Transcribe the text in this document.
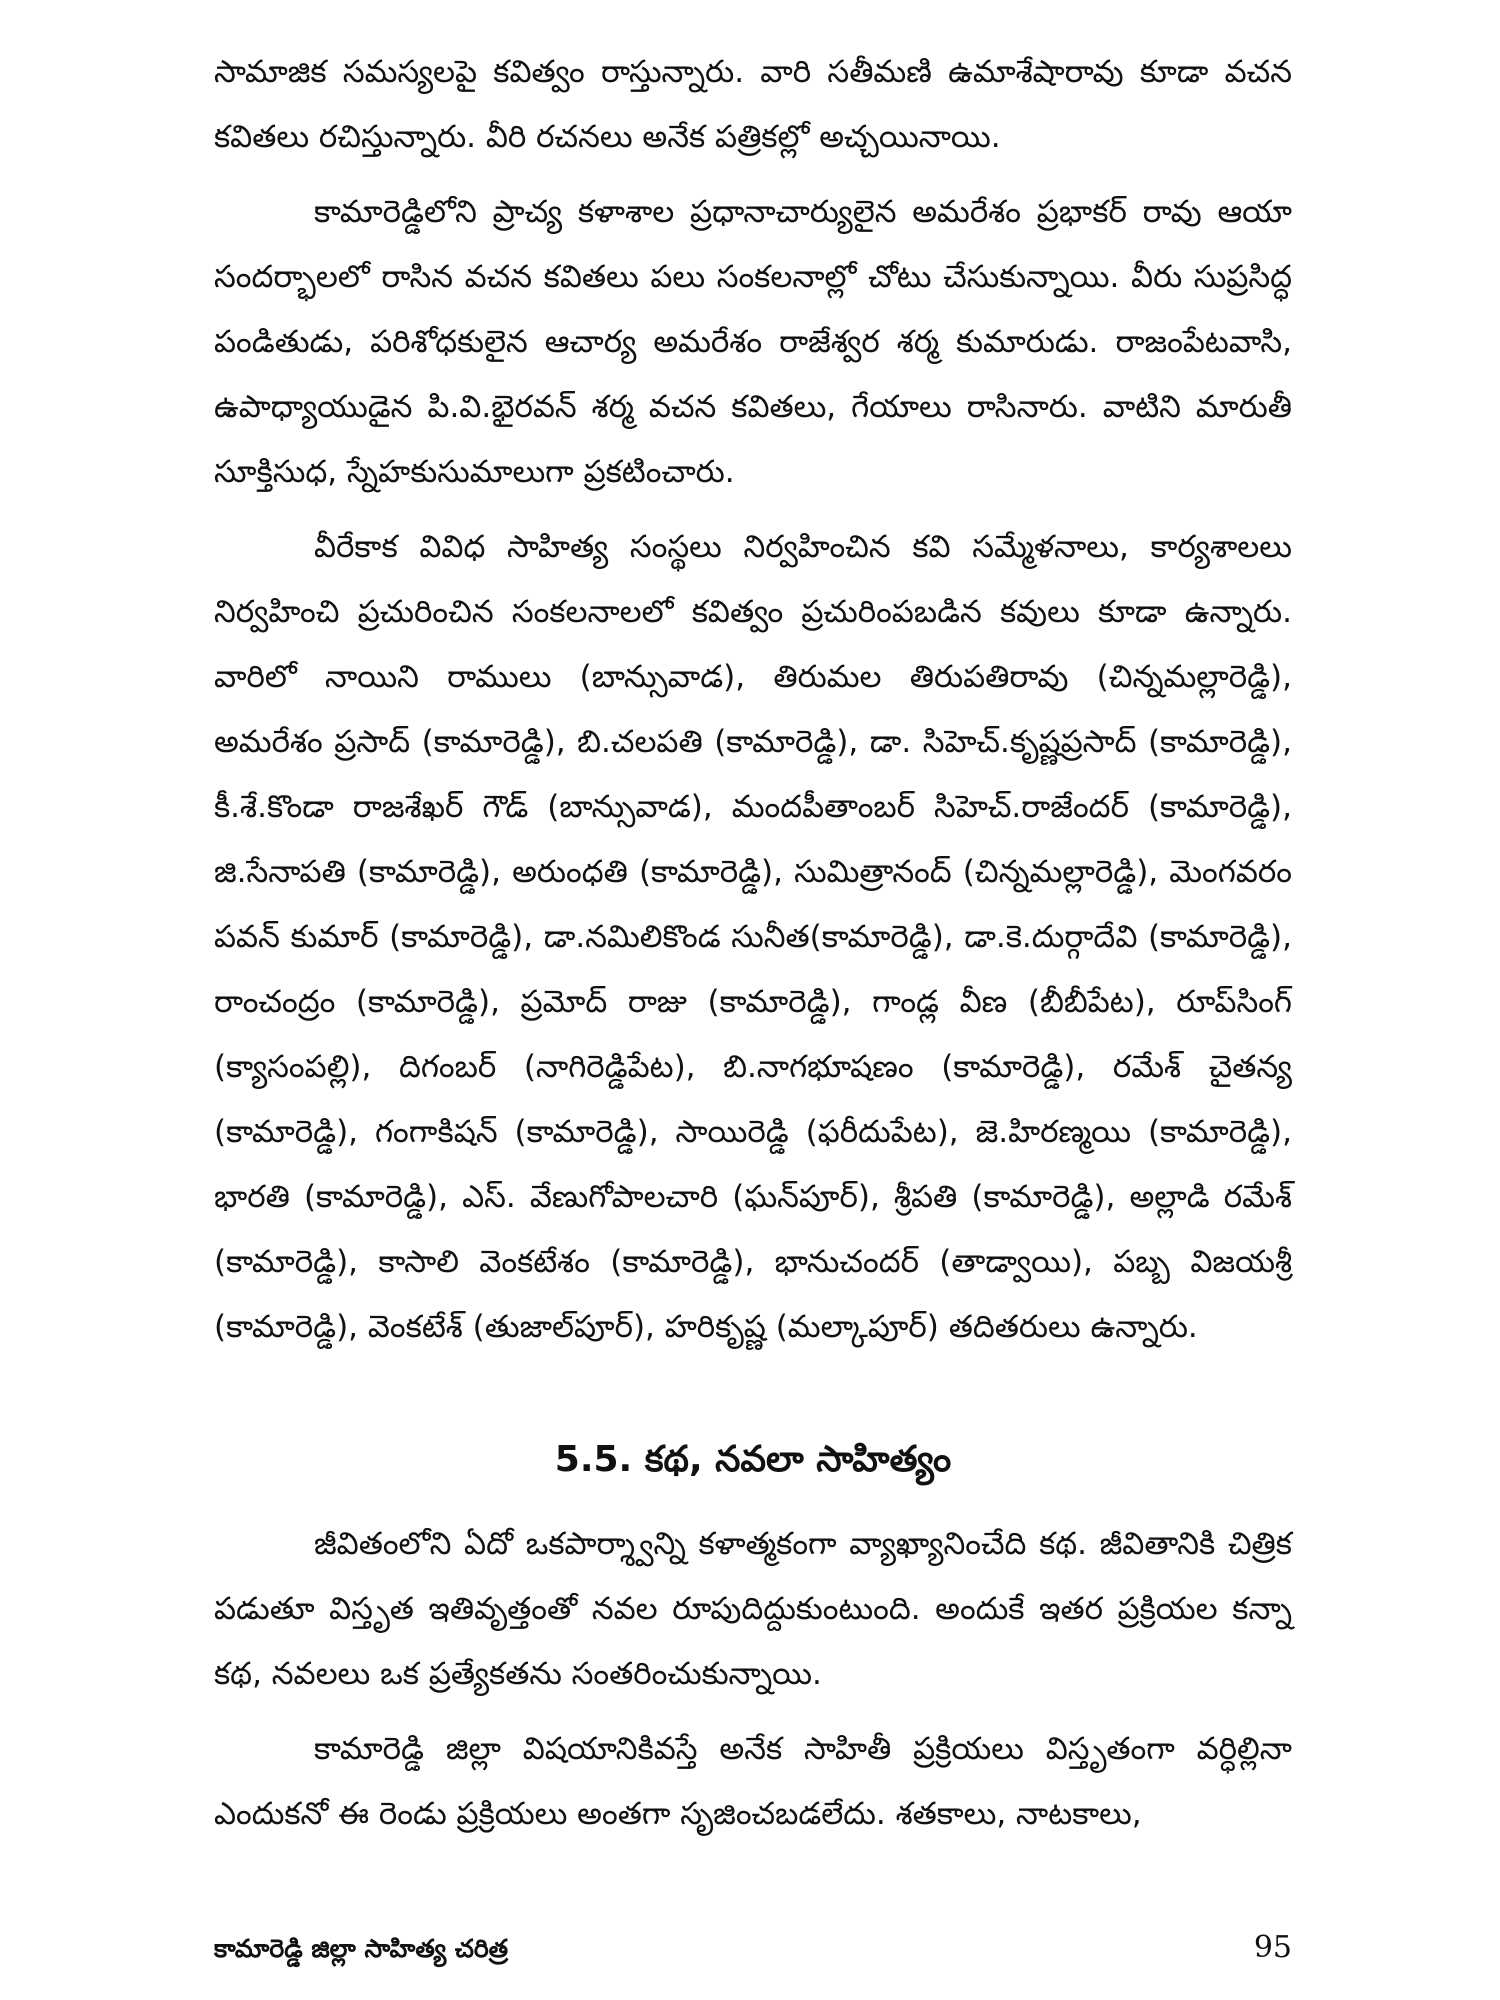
సామాజిక సమస్యలపై కవిత్వం రాస్తున్నారు. వారి సతీమణి ఉమాశేషారావు కూడా వచన కవితలు రచిస్తున్నారు. వీరి రచనలు అనేక పత్రికల్లో అచ్చయినాయి.

కామారెడ్డిలోని ప్రాచ్య కళాశాల ప్రధానాచార్యులైన అమరేశం ప్రభాకర్ రావు ఆయా సందర్భాలలో రాసిన వచన కవితలు పలు సంకలనాల్లో చోటు చేసుకున్నాయి. వీరు సుప్రసిద్ధ పండితుడు, పరిశోధకులైన ఆచార్య అమరేశం రాజేశ్వర శర్మ కుమారుడు. రాజంపేటవాసి, ఉపాధ్యాయుడైన పి.వి.భైరవన్ శర్మ వచన కవితలు, గేయాలు రాసినారు. వాటిని మారుతీ సూక్తిసుధ, స్నేహకుసుమాలుగా ప్రకటించారు.

వీరేకాక వివిధ సాహిత్య సంస్థలు నిర్వహించిన కవి సమ్మేళనాలు, కార్యశాలలు నిర్వహించి ప్రచురించిన సంకలనాలలో కవిత్వం ప్రచురింపబడిన కవులు కూడా ఉన్నారు. వారిలో నాయిని రాములు (బాన్సువాడ), తిరుమల తిరుపతిరావు (చిన్నమల్లారెడ్డి), అమరేశం ప్రసాద్ (కామారెడ్డి), బి.చలపతి (కామారెడ్డి), డా. సిహెచ్.కృష్ణప్రసాద్ (కామారెడ్డి), కీ.శే.కొండా రాజశేఖర్ గౌడ్ (బాన్సువాడ), మందపీతాంబర్ సిహెచ్.రాజేందర్ (కామారెడ్డి), జి.సేనాపతి (కామారెడ్డి), అరుంధతి (కామారెడ్డి), సుమిత్రానంద్ (చిన్నమల్లారెడ్డి), మెంగవరం పవన్ కుమార్ (కామారెడ్డి), డా.నమిలికొండ సునీత(కామారెడ్డి), డా.కె.దుర్గాదేవి (కామారెడ్డి), రాంచంద్రం (కామారెడ్డి), ప్రమోద్ రాజు (కామారెడ్డి), గాండ్ల వీణ (బీబీపేట), రూప్‌సింగ్ (క్యాసంపల్లి), దిగంబర్ (నాగిరెడ్డిపేట), బి.నాగభూషణం (కామారెడ్డి), రమేశ్ చైతన్య (కామారెడ్డి), గంగాకిషన్ (కామారెడ్డి), సాయిరెడ్డి (ఫరీదుపేట), జె.హిరణ్మయి (కామారెడ్డి), భారతి (కామారెడ్డి), ఎస్. వేణుగోపాలచారి (ఘన్‌పూర్), శ్రీపతి (కామారెడ్డి), అల్లాడి రమేశ్ (కామారెడ్డి), కాసాలి వెంకటేశం (కామారెడ్డి), భానుచందర్ (తాడ్వాయి), పబ్బ విజయశ్రీ (కామారెడ్డి), వెంకటేశ్ (తుజాల్‌పూర్), హరికృష్ణ (మల్కాపూర్) తదితరులు ఉన్నారు.

5.5. కథ, నవలా సాహిత్యం

జీవితంలోని ఏదో ఒకపార్శ్వాన్ని కళాత్మకంగా వ్యాఖ్యానించేది కథ. జీవితానికి చిత్రిక పడుతూ విస్తృత ఇతివృత్తంతో నవల రూపుదిద్దుకుంటుంది. అందుకే ఇతర ప్రక్రియల కన్నా కథ, నవలలు ఒక ప్రత్యేకతను సంతరించుకున్నాయి.

కామారెడ్డి జిల్లా విషయానికివస్తే అనేక సాహితీ ప్రక్రియలు విస్తృతంగా వర్ధిల్లినా ఎందుకనో ఈ రెండు ప్రక్రియలు అంతగా సృజించబడలేదు. శతకాలు, నాటకాలు,

కామారెడ్డి జిల్లా సాహిత్య చరిత్ర	95
